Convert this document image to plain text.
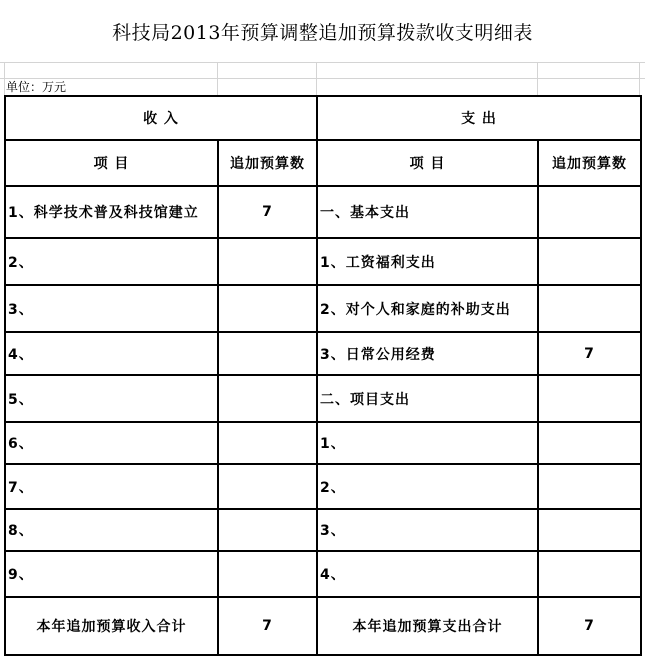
科技局2013年预算调整追加预算拨款收支明细表
单位：万元
收 入		支 出	
项 目	追加预算数	项 目	追加预算数
1、科学技术普及科技馆建立	7	一、基本支出	
2、		1、工资福利支出	
3、		2、对个人和家庭的补助支出	
4、		3、日常公用经费	7
5、		二、项目支出	
6、		1、	
7、		2、	
8、		3、	
9、		4、	
本年追加预算收入合计	7	本年追加预算支出合计	7
